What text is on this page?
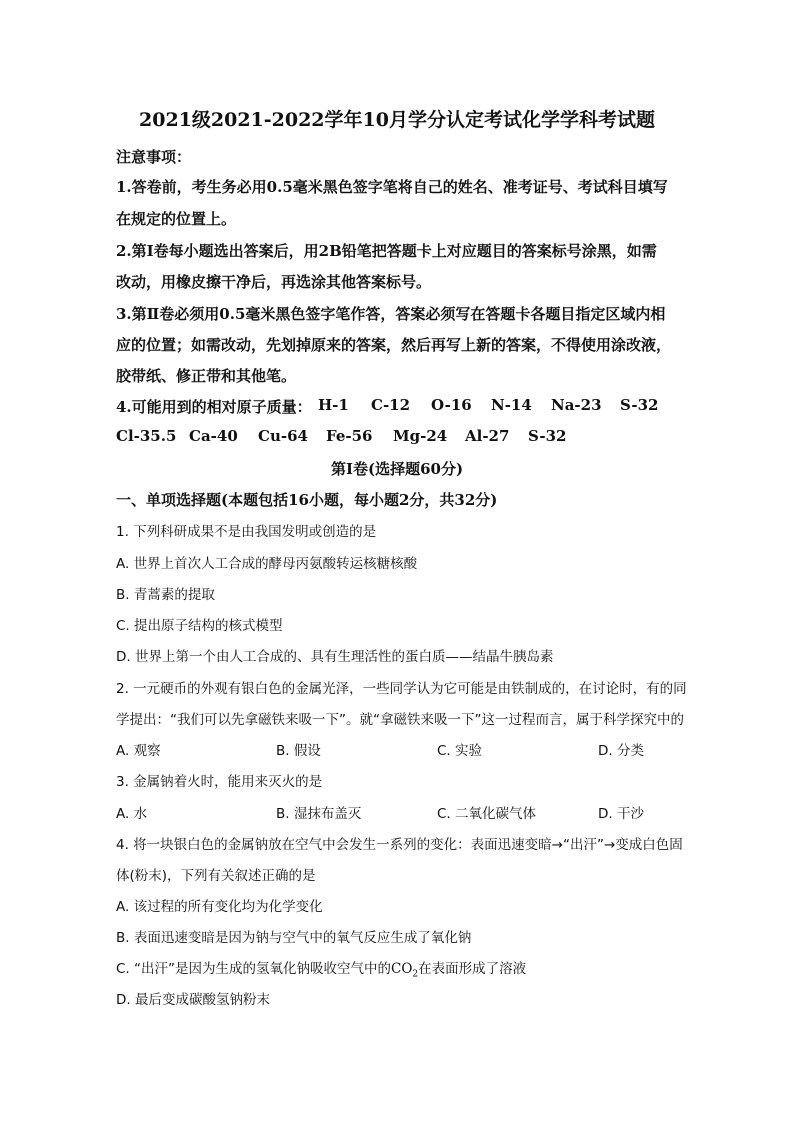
2021级2021-2022学年10月学分认定考试化学学科考试题
注意事项：
1.答卷前，考生务必用0.5毫米黑色签字笔将自己的姓名、准考证号、考试科目填写
在规定的位置上。
2.第Ⅰ卷每小题选出答案后，用2B铅笔把答题卡上对应题目的答案标号涂黑，如需
改动，用橡皮擦干净后，再选涂其他答案标号。
3.第Ⅱ卷必须用0.5毫米黑色签字笔作答，答案必须写在答题卡各题目指定区域内相
应的位置；如需改动，先划掉原来的答案，然后再写上新的答案，不得使用涂改液，
胶带纸、修正带和其他笔。
4.可能用到的相对原子质量： H-1 C-12 O-16 N-14 Na-23 S-32
Cl-35.5 Ca-40 Cu-64 Fe-56 Mg-24 Al-27 S-32
第Ⅰ卷(选择题60分)
一、单项选择题(本题包括16小题，每小题2分，共32分)
1. 下列科研成果不是由我国发明或创造的是
A. 世界上首次人工合成的酵母丙氨酸转运核糖核酸
B. 青蒿素的提取
C. 提出原子结构的核式模型
D. 世界上第一个由人工合成的、具有生理活性的蛋白质——结晶牛胰岛素
2. 一元硬币的外观有银白色的金属光泽，一些同学认为它可能是由铁制成的，在讨论时，有的同
学提出：“我们可以先拿磁铁来吸一下”。就“拿磁铁来吸一下”这一过程而言，属于科学探究中的
A. 观察	B. 假设	C. 实验	D. 分类
3. 金属钠着火时，能用来灭火的是
A. 水	B. 湿抹布盖灭	C. 二氧化碳气体	D. 干沙
4. 将一块银白色的金属钠放在空气中会发生一系列的变化：表面迅速变暗→“出汗”→变成白色固
体(粉末)，下列有关叙述正确的是
A. 该过程的所有变化均为化学变化
B. 表面迅速变暗是因为钠与空气中的氧气反应生成了氧化钠
C. “出汗”是因为生成的氢氧化钠吸收空气中的$CO_2$在表面形成了溶液
D. 最后变成碳酸氢钠粉末
